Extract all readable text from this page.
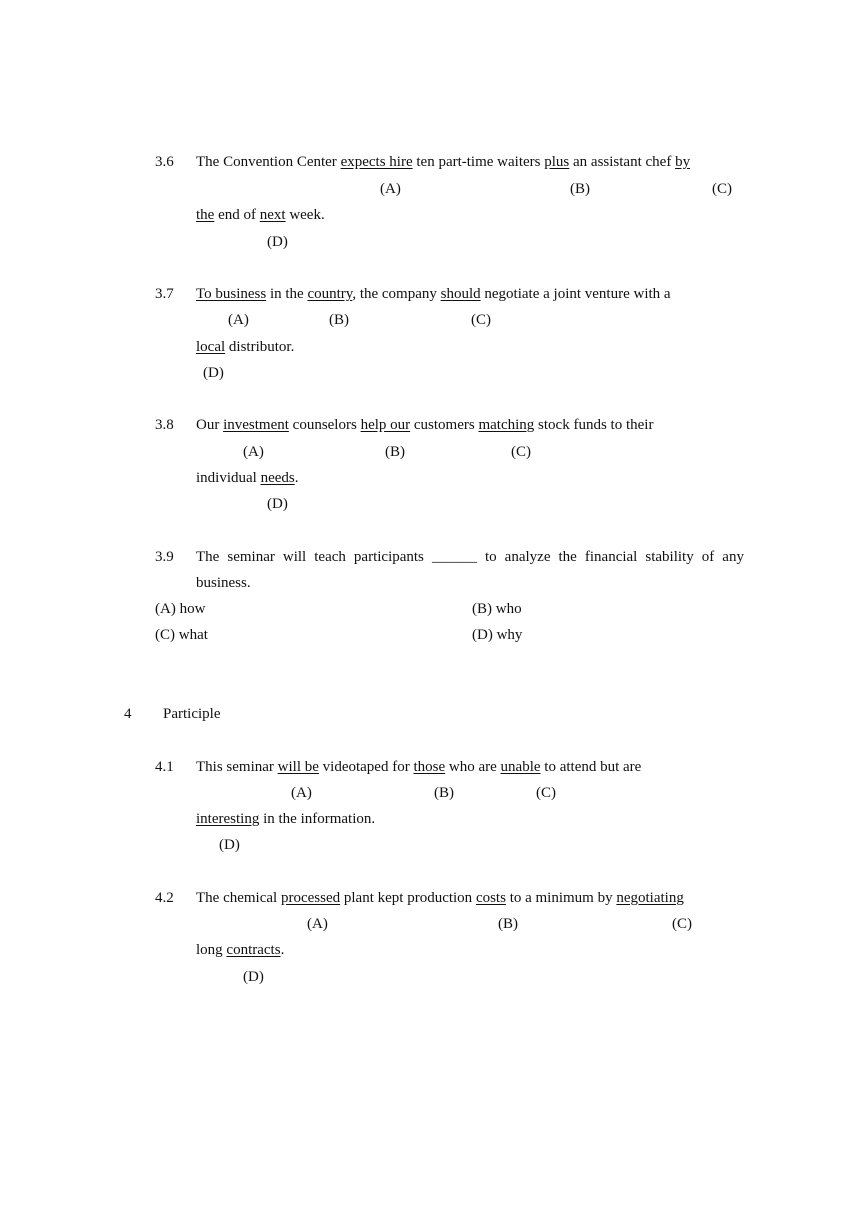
3.6 The Convention Center expects hire ten part-time waiters plus an assistant chef by
(A)	(B)	(C)
the end of next week.
(D)
3.7 To business in the country, the company should negotiate a joint venture with a
(A)	(B)	(C)
local distributor.
(D)
3.8 Our investment counselors help our customers matching stock funds to their
(A)	(B)	(C)
individual needs.
(D)
3.9 The seminar will teach participants ______ to analyze the financial stability of any
business.
(A) how	(B) who
(C) what	(D) why
4 Participle
4.1 This seminar will be videotaped for those who are unable to attend but are
(A)	(B)	(C)
interesting in the information.
(D)
4.2 The chemical processed plant kept production costs to a minimum by negotiating
(A)	(B)	(C)
long contracts.
(D)
